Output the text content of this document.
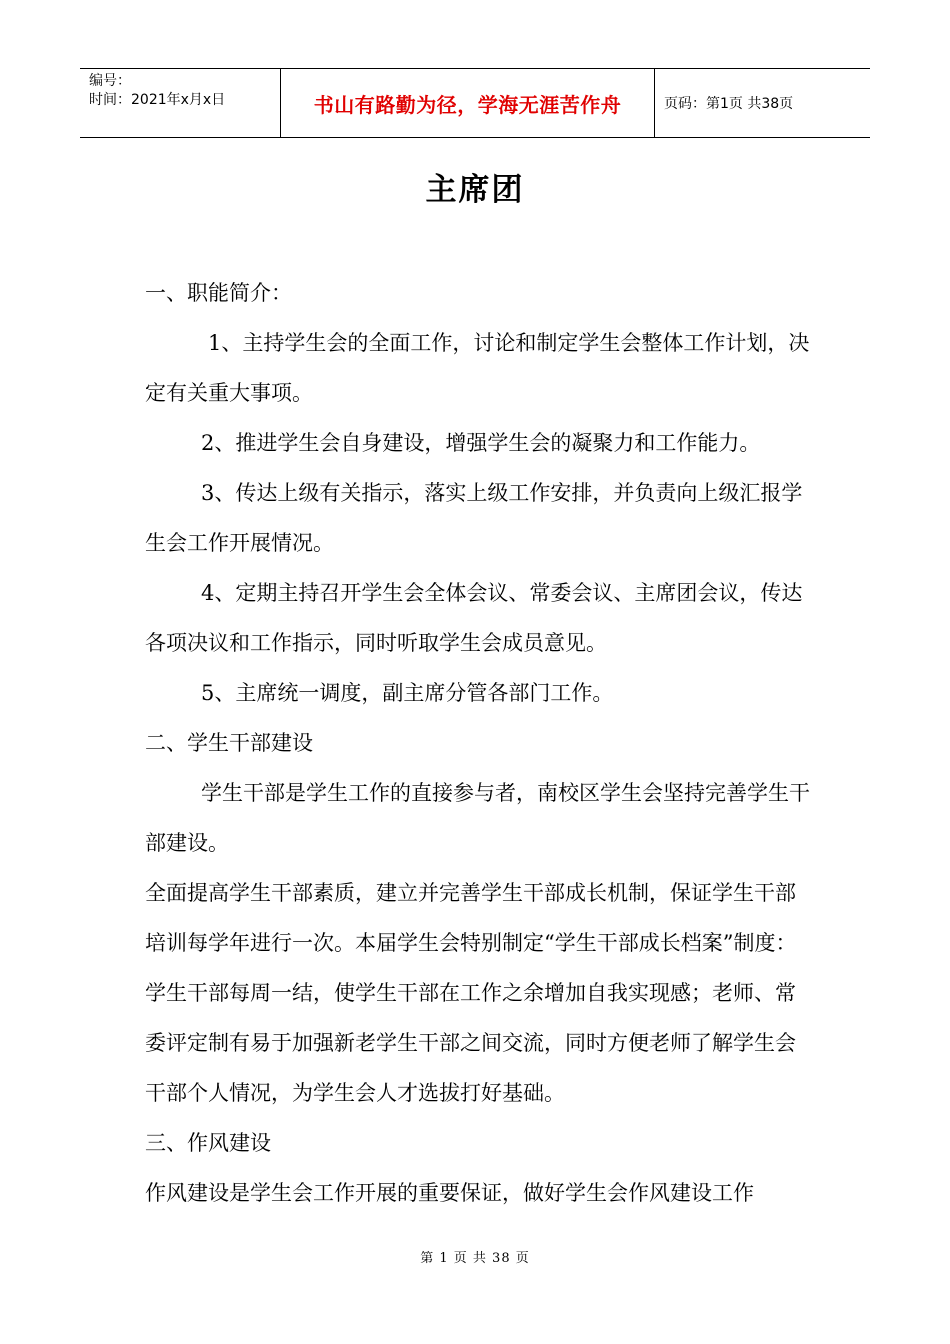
编号：
时间：2021年x月x日	书山有路勤为径，学海无涯苦作舟	页码：第1页 共38页
主席团

一、职能简介：

1、主持学生会的全面工作，讨论和制定学生会整体工作计划，决定有关重大事项。

2、推进学生会自身建设，增强学生会的凝聚力和工作能力。

3、传达上级有关指示，落实上级工作安排，并负责向上级汇报学生会工作开展情况。

4、定期主持召开学生会全体会议、常委会议、主席团会议，传达各项决议和工作指示，同时听取学生会成员意见。

5、主席统一调度，副主席分管各部门工作。

二、学生干部建设

学生干部是学生工作的直接参与者，南校区学生会坚持完善学生干部建设。

全面提高学生干部素质，建立并完善学生干部成长机制，保证学生干部培训每学年进行一次。本届学生会特别制定“学生干部成长档案”制度：学生干部每周一结，使学生干部在工作之余增加自我实现感；老师、常委评定制有易于加强新老学生干部之间交流，同时方便老师了解学生会干部个人情况，为学生会人才选拔打好基础。

三、作风建设

作风建设是学生会工作开展的重要保证，做好学生会作风建设工作

第 1 页 共 38 页
